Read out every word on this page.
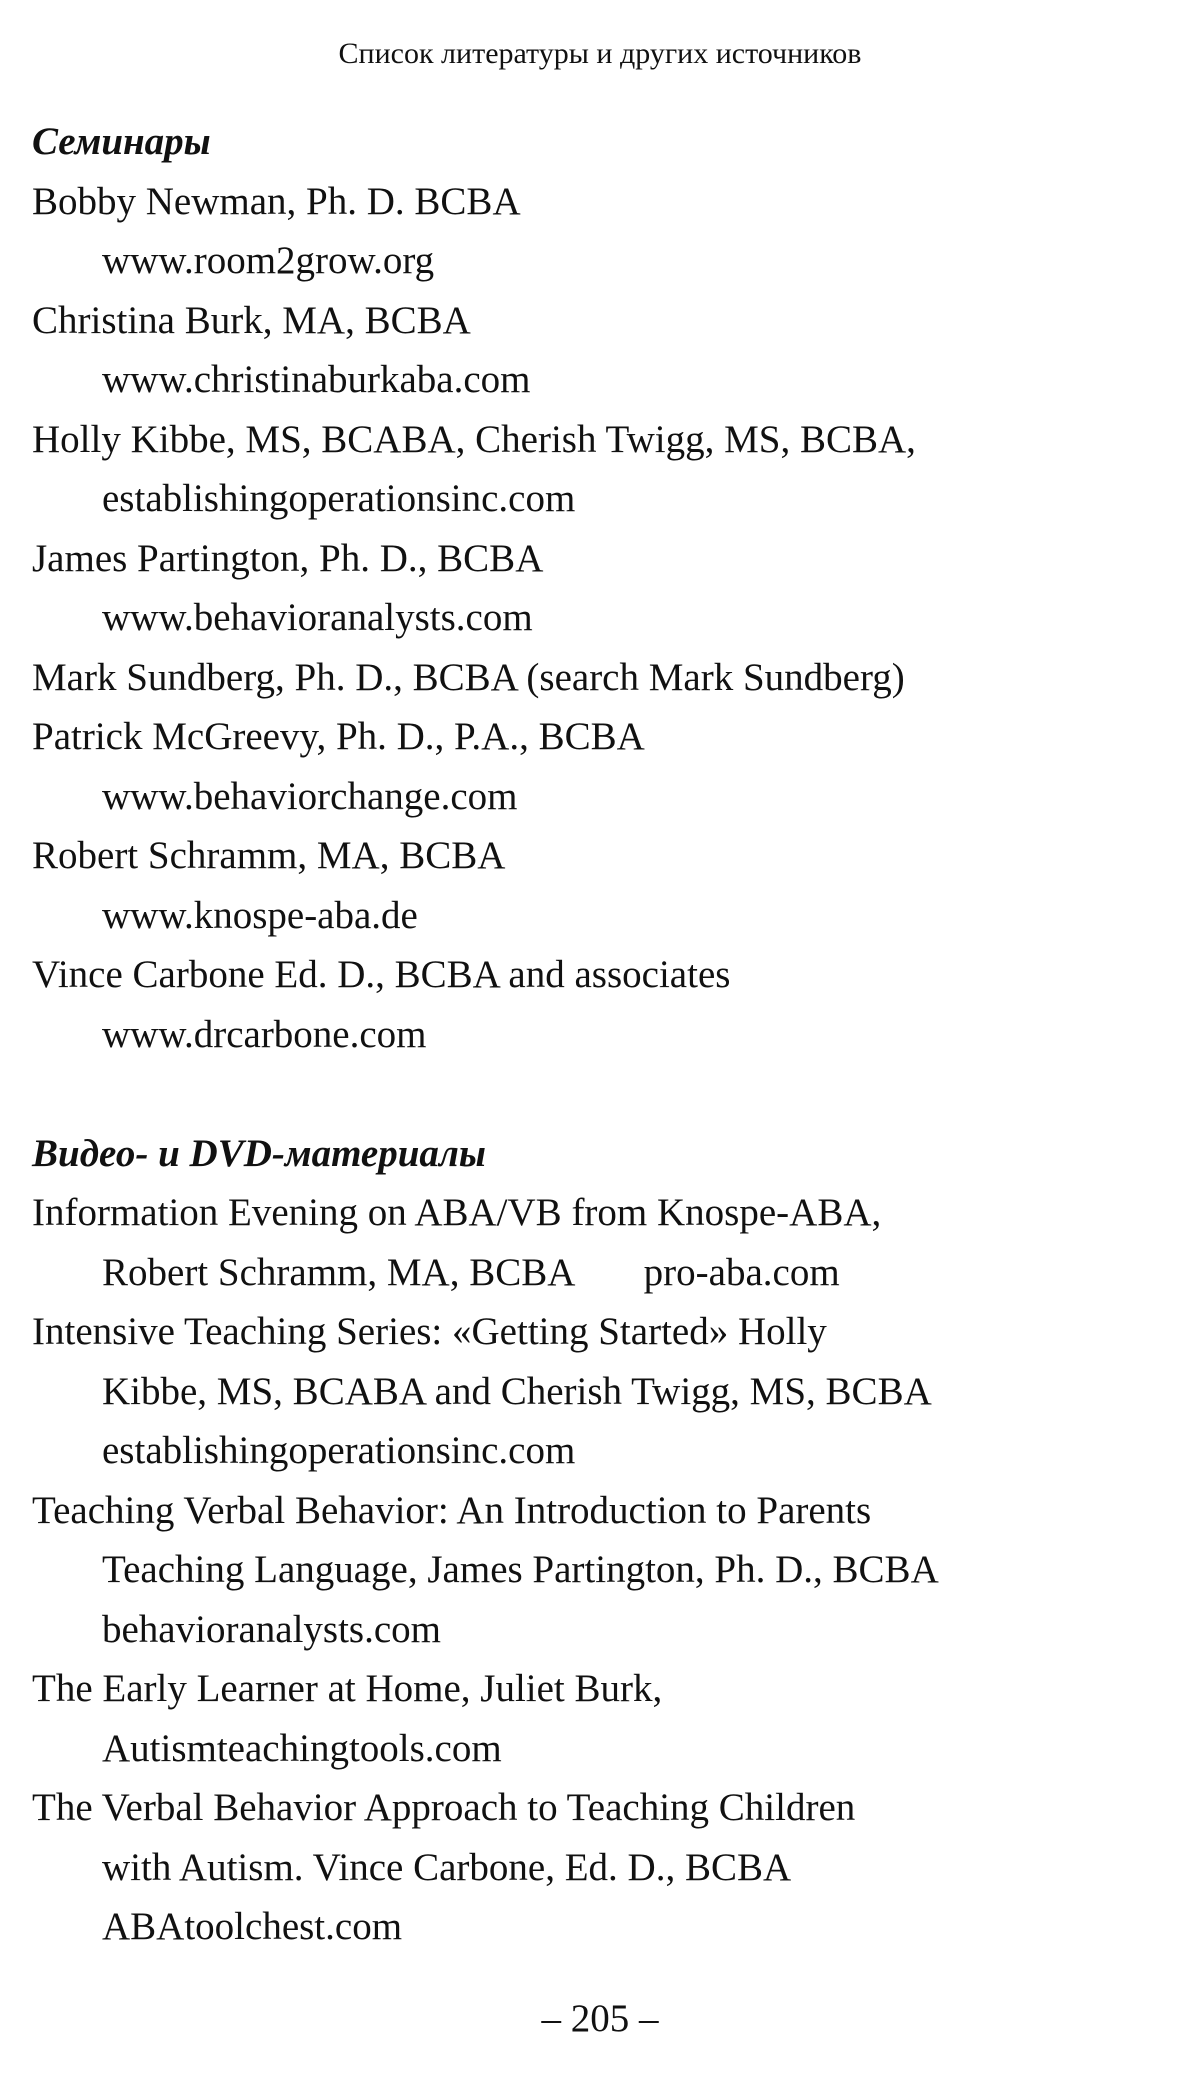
Список литературы и других источников
Семинары
Bobby Newman, Ph. D. BCBA
www.room2grow.org
Christina Burk, MA, BCBA
www.christinaburkaba.com
Holly Kibbe, MS, BCABA, Cherish Twigg, MS, BCBA,
establishingoperationsinc.com
James Partington, Ph. D., BCBA
www.behavioranalysts.com
Mark Sundberg, Ph. D., BCBA (search Mark Sundberg)
Patrick McGreevy, Ph. D., P.A., BCBA
www.behaviorchange.com
Robert Schramm, MA, BCBA
www.knospe-aba.de
Vince Carbone Ed. D., BCBA and associates
www.drcarbone.com
Видео- и DVD-материалы
Information Evening on ABA/VB from Knospe-ABA,
Robert Schramm, MA, BCBA       pro-aba.com
Intensive Teaching Series: «Getting Started» Holly
Kibbe, MS, BCABA and Cherish Twigg, MS, BCBA
establishingoperationsinc.com
Teaching Verbal Behavior: An Introduction to Parents
Teaching Language, James Partington, Ph. D., BCBA
behavioranalysts.com
The Early Learner at Home, Juliet Burk,
Autismteachingtools.com
The Verbal Behavior Approach to Teaching Children
with Autism. Vince Carbone, Ed. D., BCBA
ABAtoolchest.com
– 205 –
